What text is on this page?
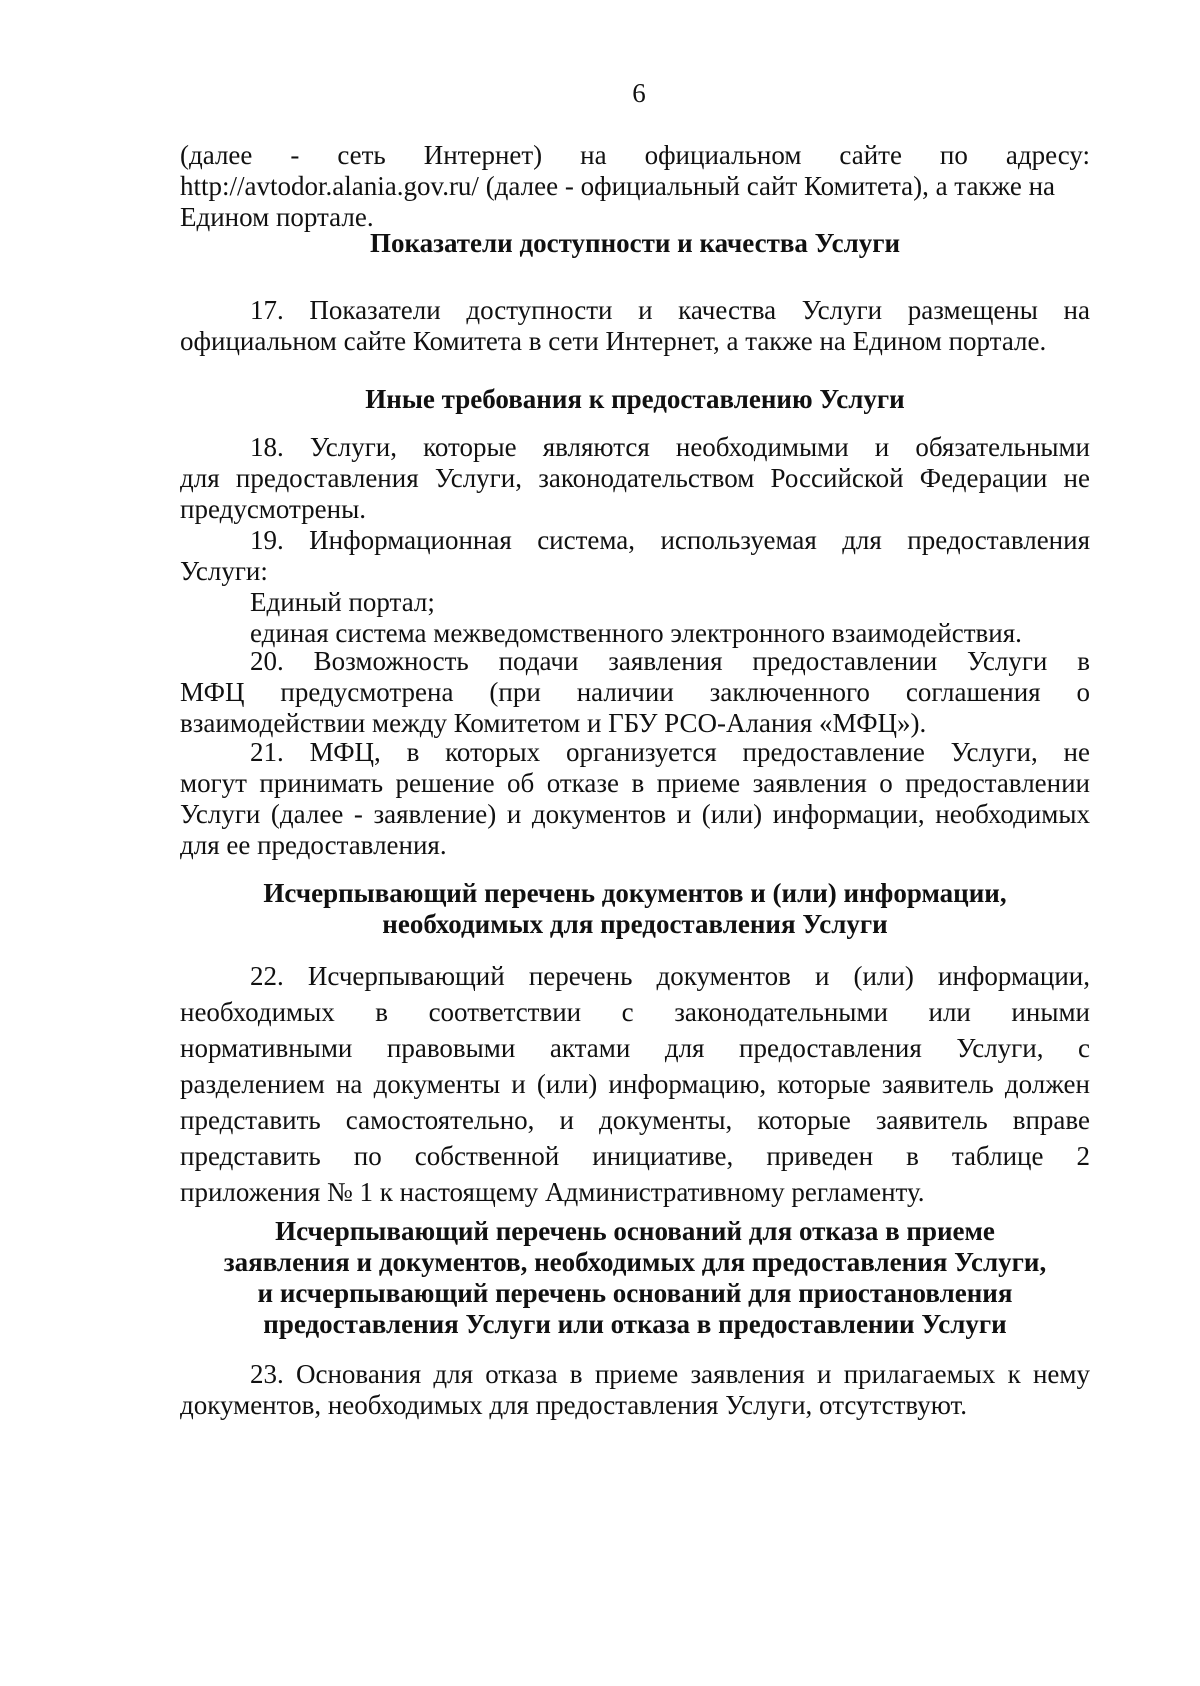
6
(далее - сеть Интернет) на официальном сайте по адресу:
http://avtodor.alania.gov.ru/ (далее - официальный сайт Комитета), а также на
Едином портале.
Показатели доступности и качества Услуги
17. Показатели доступности и качества Услуги размещены на
официальном сайте Комитета в сети Интернет, а также на Едином портале.
Иные требования к предоставлению Услуги
18. Услуги, которые являются необходимыми и обязательными
для предоставления Услуги, законодательством Российской Федерации не
предусмотрены.
19. Информационная система, используемая для предоставления
Услуги:
Единый портал;
единая система межведомственного электронного взаимодействия.
20. Возможность подачи заявления предоставлении Услуги в
МФЦ предусмотрена (при наличии заключенного соглашения о
взаимодействии между Комитетом и ГБУ РСО-Алания «МФЦ»).
21. МФЦ, в которых организуется предоставление Услуги, не
могут принимать решение об отказе в приеме заявления о предоставлении
Услуги (далее - заявление) и документов и (или) информации, необходимых
для ее предоставления.
Исчерпывающий перечень документов и (или) информации,
необходимых для предоставления Услуги
22. Исчерпывающий перечень документов и (или) информации,
необходимых в соответствии с законодательными или иными
нормативными правовыми актами для предоставления Услуги, с
разделением на документы и (или) информацию, которые заявитель должен
представить самостоятельно, и документы, которые заявитель вправе
представить по собственной инициативе, приведен в таблице 2
приложения № 1 к настоящему Административному регламенту.
Исчерпывающий перечень оснований для отказа в приеме
заявления и документов, необходимых для предоставления Услуги,
и исчерпывающий перечень оснований для приостановления
предоставления Услуги или отказа в предоставлении Услуги
23. Основания для отказа в приеме заявления и прилагаемых к нему
документов, необходимых для предоставления Услуги, отсутствуют.
